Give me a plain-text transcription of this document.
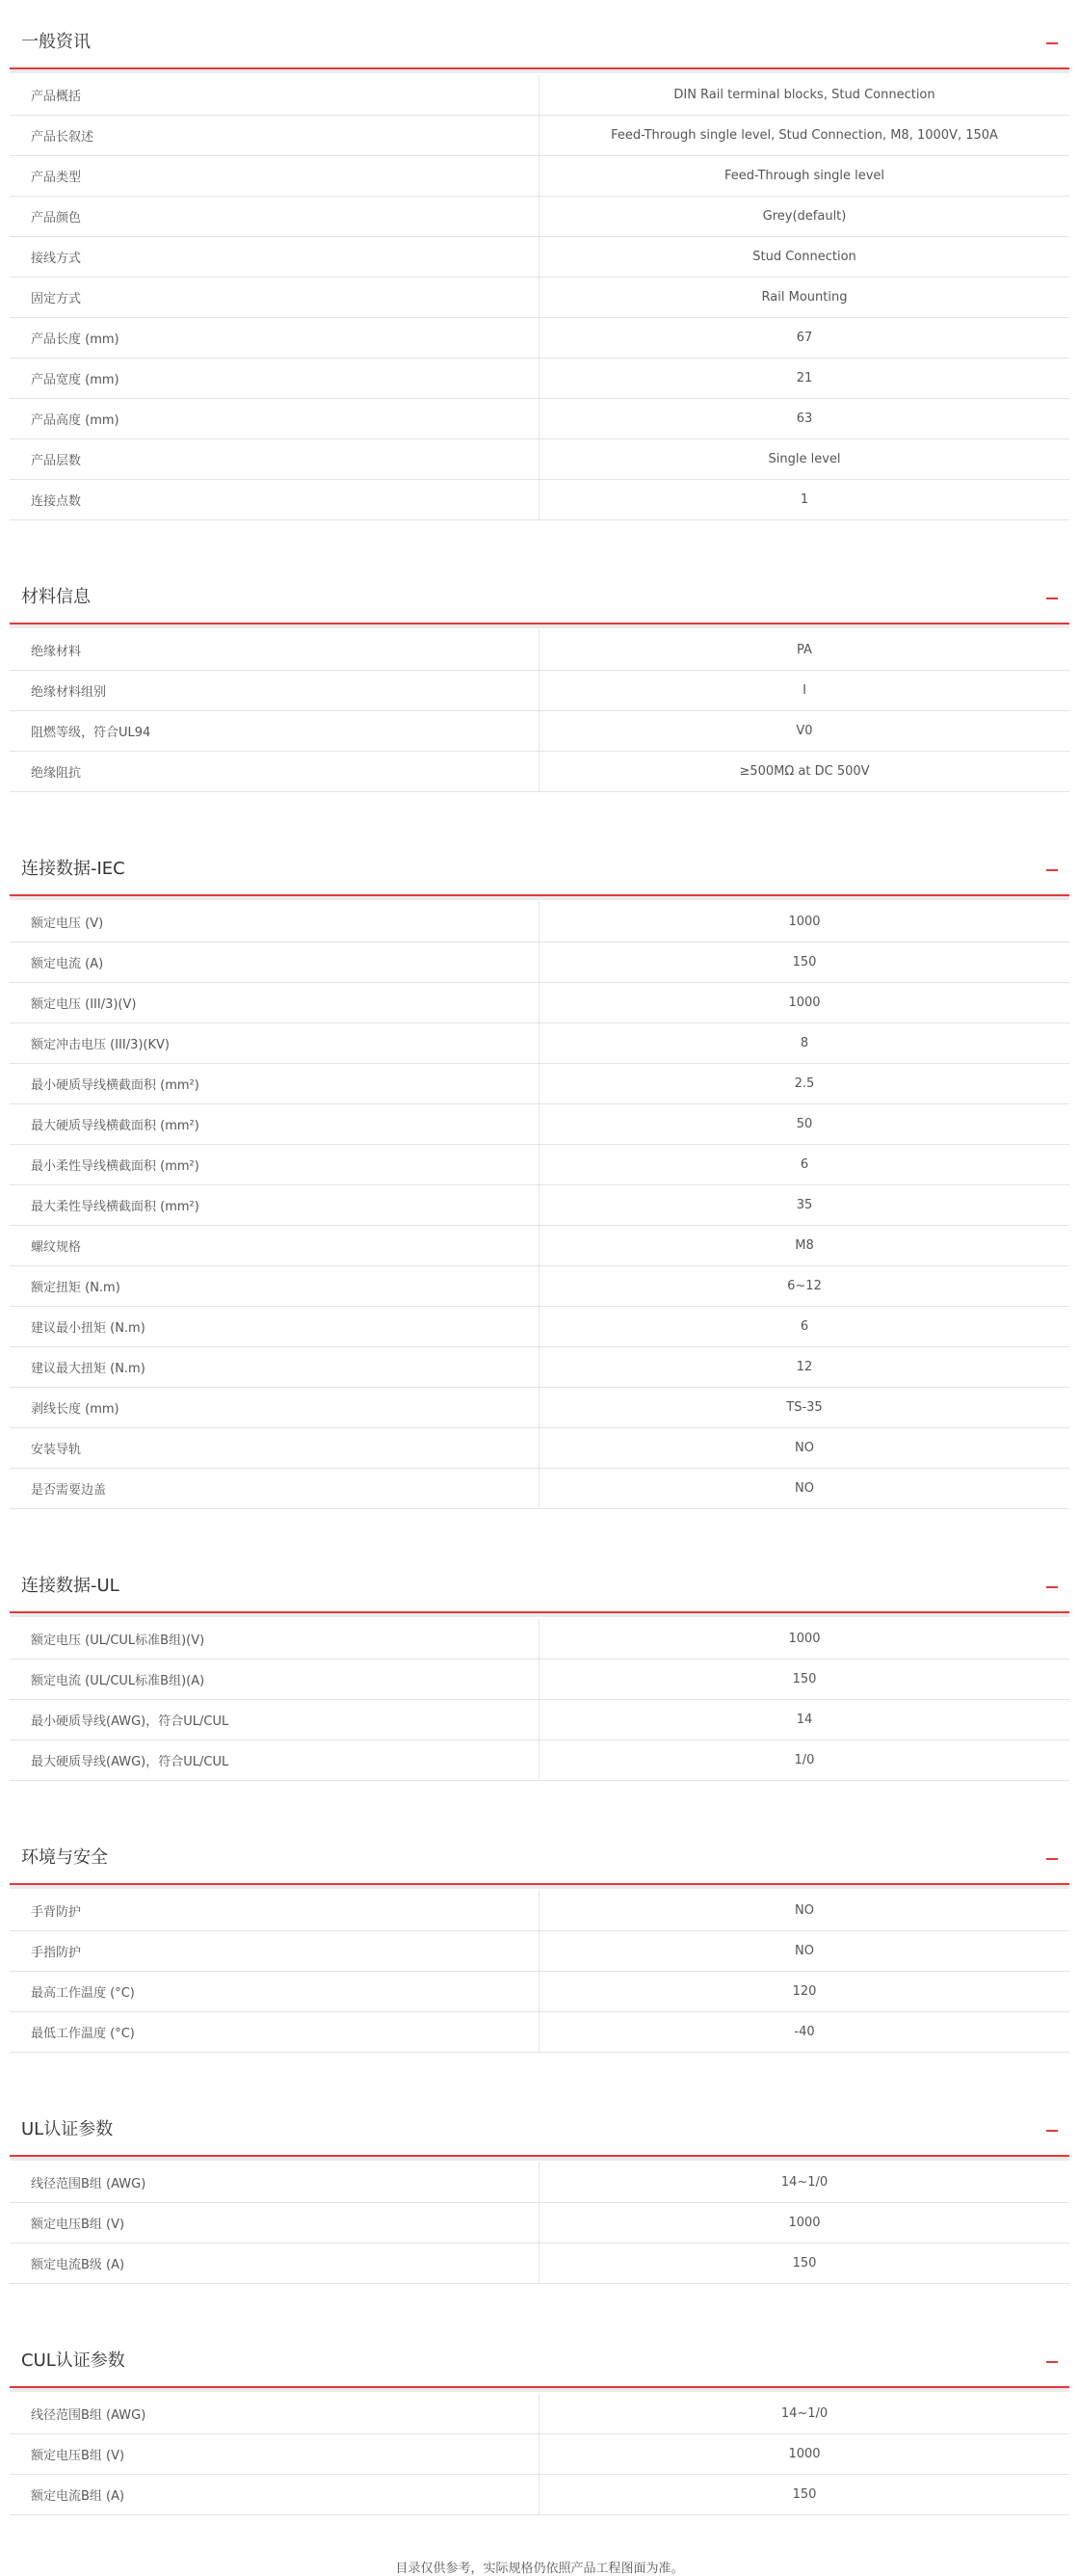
一般资讯
产品概括	DIN Rail terminal blocks, Stud Connection
产品长叙述	Feed-Through single level, Stud Connection, M8, 1000V, 150A
产品类型	Feed-Through single level
产品颜色	Grey(default)
接线方式	Stud Connection
固定方式	Rail Mounting
产品长度 (mm)	67
产品宽度 (mm)	21
产品高度 (mm)	63
产品层数	Single level
连接点数	1
材料信息
绝缘材料	PA
绝缘材料组别	I
阻燃等级，符合UL94	V0
绝缘阻抗	≥500MΩ at DC 500V
连接数据-IEC
额定电压 (V)	1000
额定电流 (A)	150
额定电压 (III/3)(V)	1000
额定冲击电压 (III/3)(KV)	8
最小硬质导线横截面积 (mm²)	2.5
最大硬质导线横截面积 (mm²)	50
最小柔性导线横截面积 (mm²)	6
最大柔性导线横截面积 (mm²)	35
螺纹规格	M8
额定扭矩 (N.m)	6~12
建议最小扭矩 (N.m)	6
建议最大扭矩 (N.m)	12
剥线长度 (mm)	TS-35
安装导轨	NO
是否需要边盖	NO
连接数据-UL
额定电压 (UL/CUL标准B组)(V)	1000
额定电流 (UL/CUL标准B组)(A)	150
最小硬质导线(AWG)，符合UL/CUL	14
最大硬质导线(AWG)，符合UL/CUL	1/0
环境与安全
手背防护	NO
手指防护	NO
最高工作温度 (°C)	120
最低工作温度 (°C)	-40
UL认证参数
线径范围B组 (AWG)	14~1/0
额定电压B组 (V)	1000
额定电流B级 (A)	150
CUL认证参数
线径范围B组 (AWG)	14~1/0
额定电压B组 (V)	1000
额定电流B组 (A)	150
目录仅供参考，实际规格仍依照产品工程图面为准。
